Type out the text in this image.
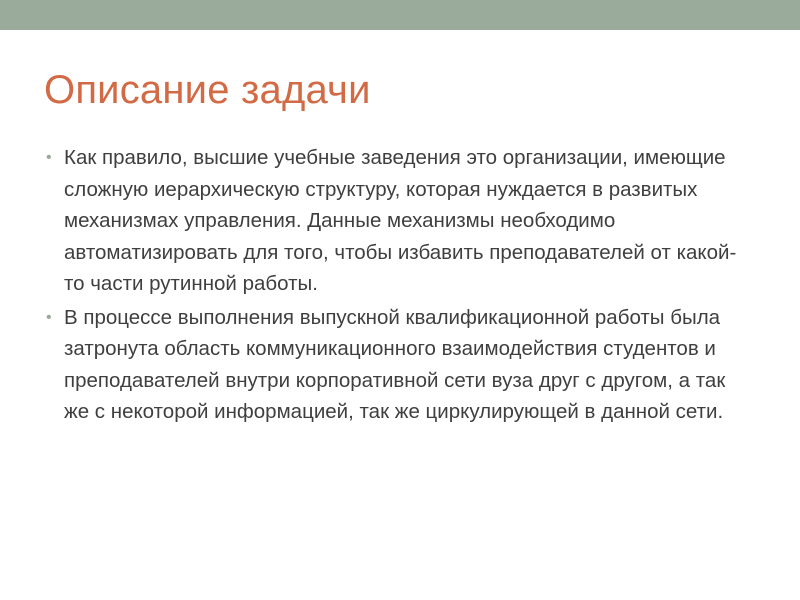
Описание задачи
• Как правило, высшие учебные заведения это организации, имеющие сложную иерархическую структуру, которая нуждается в развитых механизмах управления. Данные механизмы необходимо автоматизировать для того, чтобы избавить преподавателей от какой-то части рутинной работы.
• В процессе выполнения выпускной квалификационной работы была затронута область коммуникационного взаимодействия студентов и преподавателей внутри корпоративной сети вуза друг с другом, а так же с некоторой информацией, так же циркулирующей в данной сети.
